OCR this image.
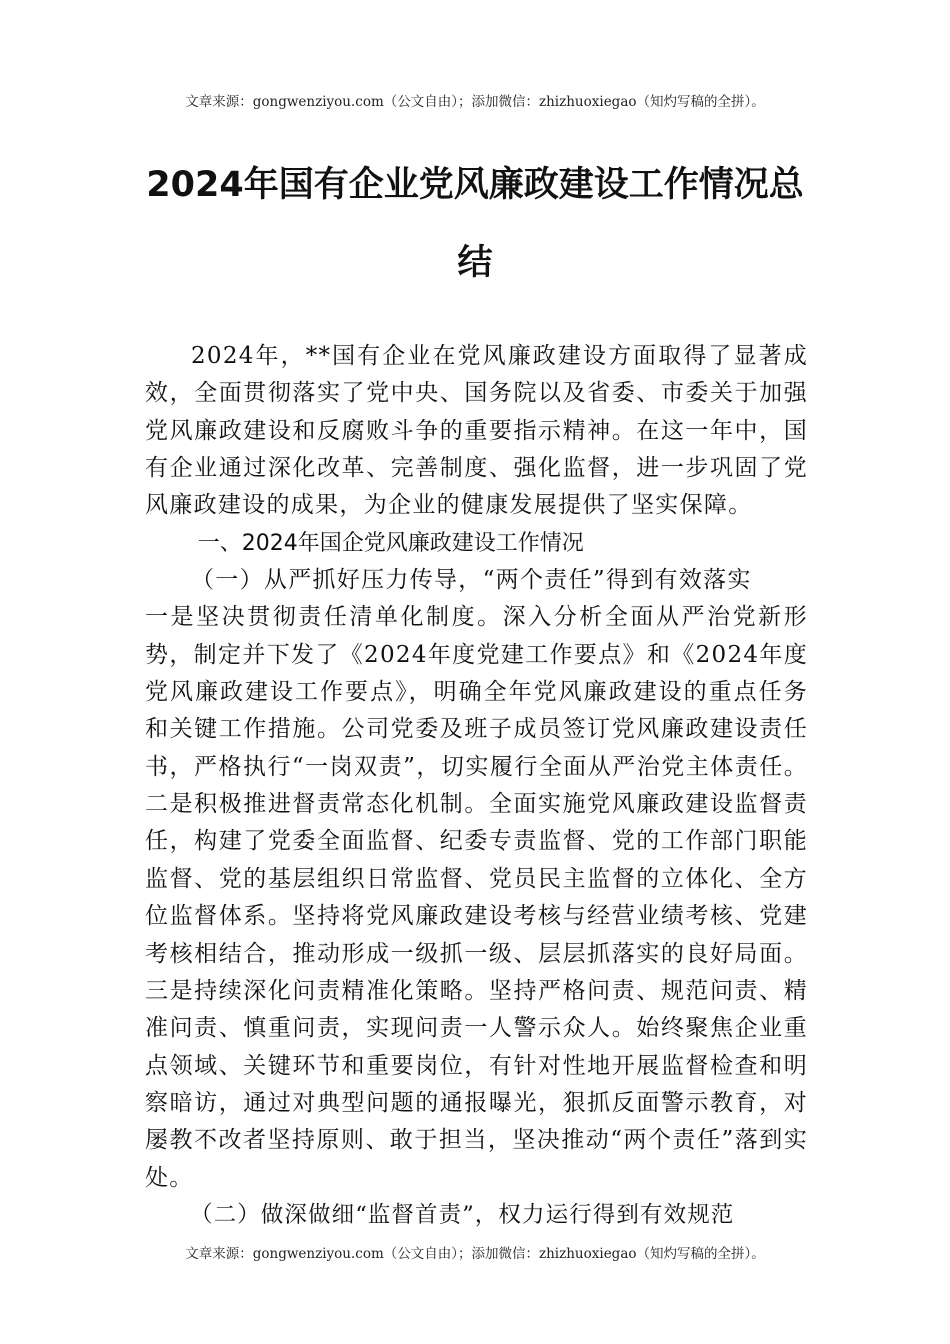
文章来源：gongwenziyou.com（公文自由）；添加微信：zhizhuoxiegao（知灼写稿的全拼）。
2024年国有企业党风廉政建设工作情况总
结

2024年，**国有企业在党风廉政建设方面取得了显著成效，全面贯彻落实了党中央、国务院以及省委、市委关于加强党风廉政建设和反腐败斗争的重要指示精神。在这一年中，国有企业通过深化改革、完善制度、强化监督，进一步巩固了党风廉政建设的成果，为企业的健康发展提供了坚实保障。

一、2024年国企党风廉政建设工作情况

（一）从严抓好压力传导，“两个责任”得到有效落实

一是坚决贯彻责任清单化制度。深入分析全面从严治党新形势，制定并下发了《2024年度党建工作要点》和《2024年度党风廉政建设工作要点》，明确全年党风廉政建设的重点任务和关键工作措施。公司党委及班子成员签订党风廉政建设责任书，严格执行“一岗双责”，切实履行全面从严治党主体责任。二是积极推进督责常态化机制。全面实施党风廉政建设监督责任，构建了党委全面监督、纪委专责监督、党的工作部门职能监督、党的基层组织日常监督、党员民主监督的立体化、全方位监督体系。坚持将党风廉政建设考核与经营业绩考核、党建考核相结合，推动形成一级抓一级、层层抓落实的良好局面。三是持续深化问责精准化策略。坚持严格问责、规范问责、精准问责、慎重问责，实现问责一人警示众人。始终聚焦企业重点领域、关键环节和重要岗位，有针对性地开展监督检查和明察暗访，通过对典型问题的通报曝光，狠抓反面警示教育，对屡教不改者坚持原则、敢于担当，坚决推动“两个责任”落到实处。

（二）做深做细“监督首责”，权力运行得到有效规范

文章来源：gongwenziyou.com（公文自由）；添加微信：zhizhuoxiegao（知灼写稿的全拼）。
